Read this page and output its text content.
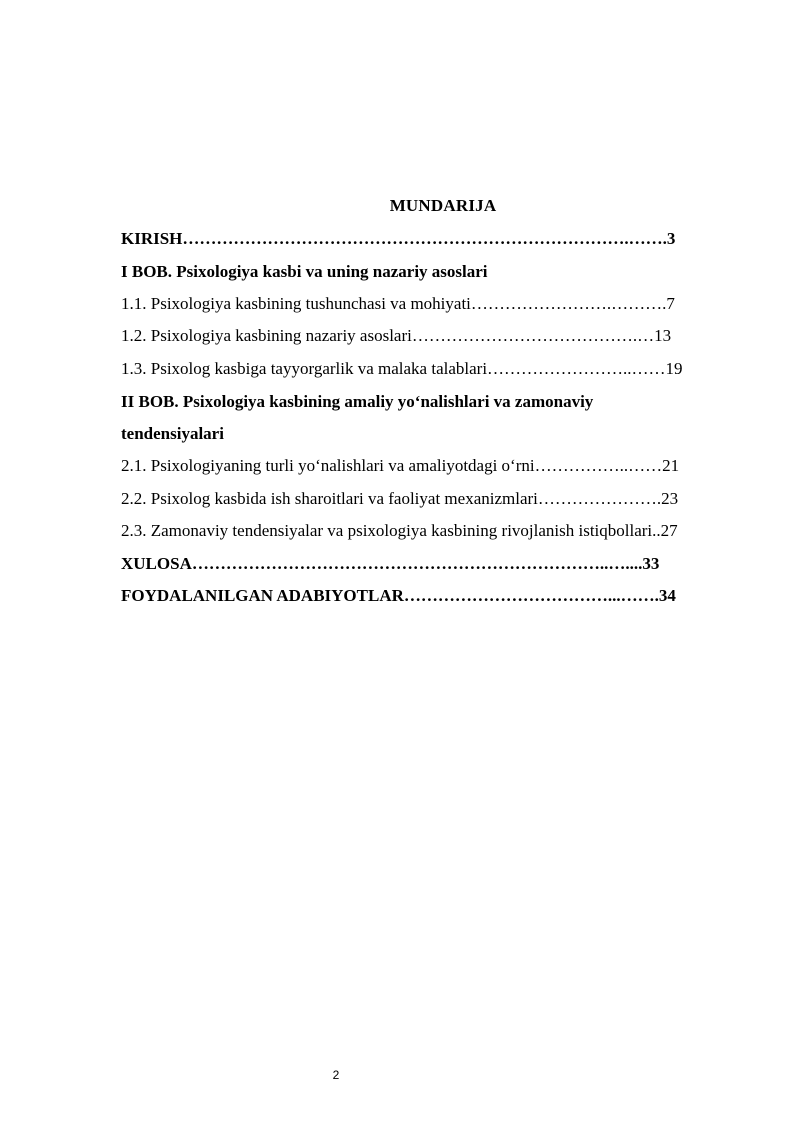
MUNDARIJA
KIRISH…………………………………………………………………….…….3
I BOB. Psixologiya kasbi va uning nazariy asoslari
1.1. Psixologiya kasbining tushunchasi va mohiyati…………………….……….7
1.2. Psixologiya kasbining nazariy asoslari………………………………….…13
1.3. Psixolog kasbiga tayyorgarlik va malaka talablari……………………..……19
II BOB. Psixologiya kasbining amaliy yo‘nalishlari va zamonaviy
tendensiyalari
2.1. Psixologiyaning turli yo‘nalishlari va amaliyotdagi o‘rni……………..……21
2.2. Psixolog kasbida ish sharoitlari va faoliyat mexanizmlari………………….23
2.3. Zamonaviy tendensiyalar va psixologiya kasbining rivojlanish istiqbollari..27
XULOSA………………………………………………………………..…....33
FOYDALANILGAN ADABIYOTLAR………………………………...…….34
2
